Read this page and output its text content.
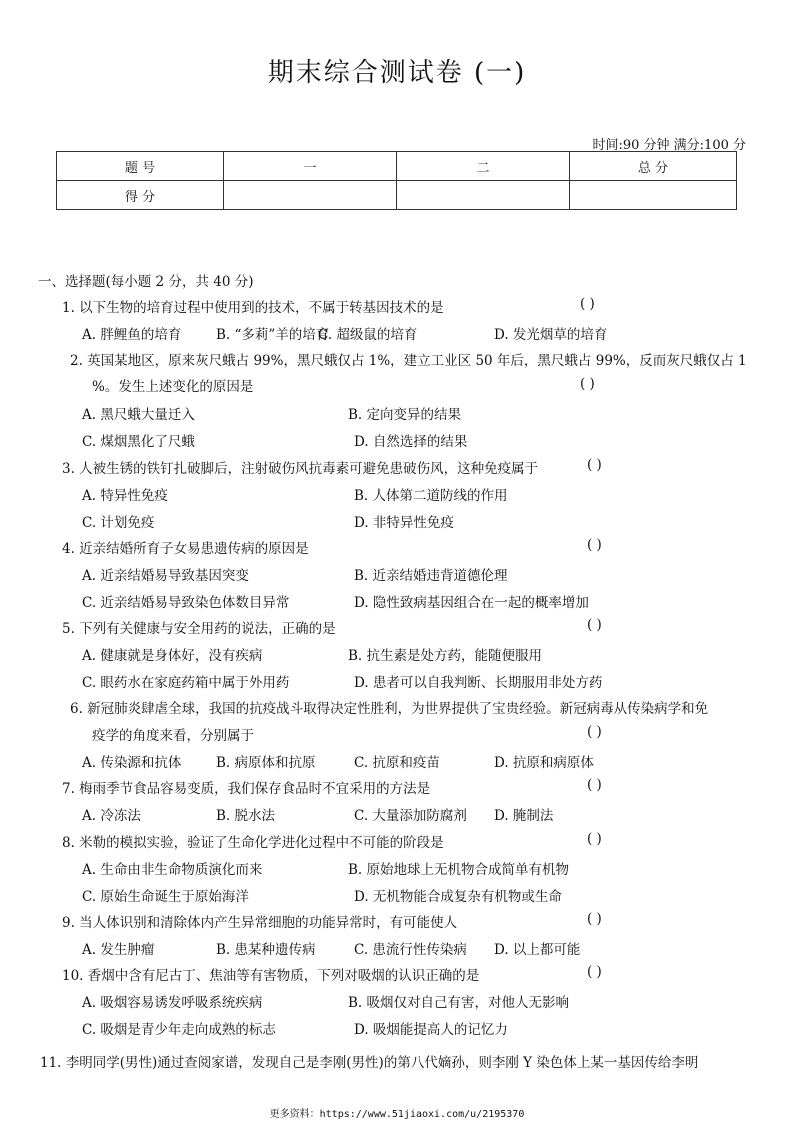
期末综合测试卷 (一)
时间:90 分钟 满分:100 分
题 号	一	二	总 分
得 分			
一、选择题(每小题 2 分，共 40 分)
1. 以下生物的培育过程中使用到的技术，不属于转基因技术的是	( )
A. 胖鲤鱼的培育	B. “多莉”羊的培育
C. 超级鼠的培育	D. 发光烟草的培育
2. 英国某地区，原来灰尺蛾占 99%，黑尺蛾仅占 1%，建立工业区 50 年后，黑尺蛾占 99%，反而灰尺蛾仅占 1
%。发生上述变化的原因是	( )
A. 黑尺蛾大量迁入	B. 定向变异的结果
C. 煤烟黑化了尺蛾	D. 自然选择的结果
3. 人被生锈的铁钉扎破脚后，注射破伤风抗毒素可避免患破伤风，这种免疫属于	( )
A. 特异性免疫	B. 人体第二道防线的作用
C. 计划免疫	D. 非特异性免疫
4. 近亲结婚所育子女易患遗传病的原因是	( )
A. 近亲结婚易导致基因突变	B. 近亲结婚违背道德伦理
C. 近亲结婚易导致染色体数目异常	D. 隐性致病基因组合在一起的概率增加
5. 下列有关健康与安全用药的说法，正确的是	( )
A. 健康就是身体好，没有疾病	B. 抗生素是处方药，能随便服用
C. 眼药水在家庭药箱中属于外用药	D. 患者可以自我判断、长期服用非处方药
6. 新冠肺炎肆虐全球，我国的抗疫战斗取得决定性胜利，为世界提供了宝贵经验。新冠病毒从传染病学和免
疫学的角度来看，分别属于	( )
A. 传染源和抗体	B. 病原体和抗原	C. 抗原和疫苗	D. 抗原和病原体
7. 梅雨季节食品容易变质，我们保存食品时不宜采用的方法是	( )
A. 冷冻法	B. 脱水法	C. 大量添加防腐剂 D. 腌制法
8. 米勒的模拟实验，验证了生命化学进化过程中不可能的阶段是	( )
A. 生命由非生命物质演化而来	B. 原始地球上无机物合成简单有机物
C. 原始生命诞生于原始海洋	D. 无机物能合成复杂有机物或生命
9. 当人体识别和清除体内产生异常细胞的功能异常时，有可能使人	( )
A. 发生肿瘤	B. 患某种遗传病	C. 患流行性传染病 D. 以上都可能
10. 香烟中含有尼古丁、焦油等有害物质，下列对吸烟的认识正确的是	( )
A. 吸烟容易诱发呼吸系统疾病	B. 吸烟仅对自己有害，对他人无影响
C. 吸烟是青少年走向成熟的标志	D. 吸烟能提高人的记忆力
11. 李明同学(男性)通过查阅家谱，发现自己是李刚(男性)的第八代嫡孙，则李刚 Y 染色体上某一基因传给李明
更多资料：https://www.51jiaoxi.com/u/2195370
